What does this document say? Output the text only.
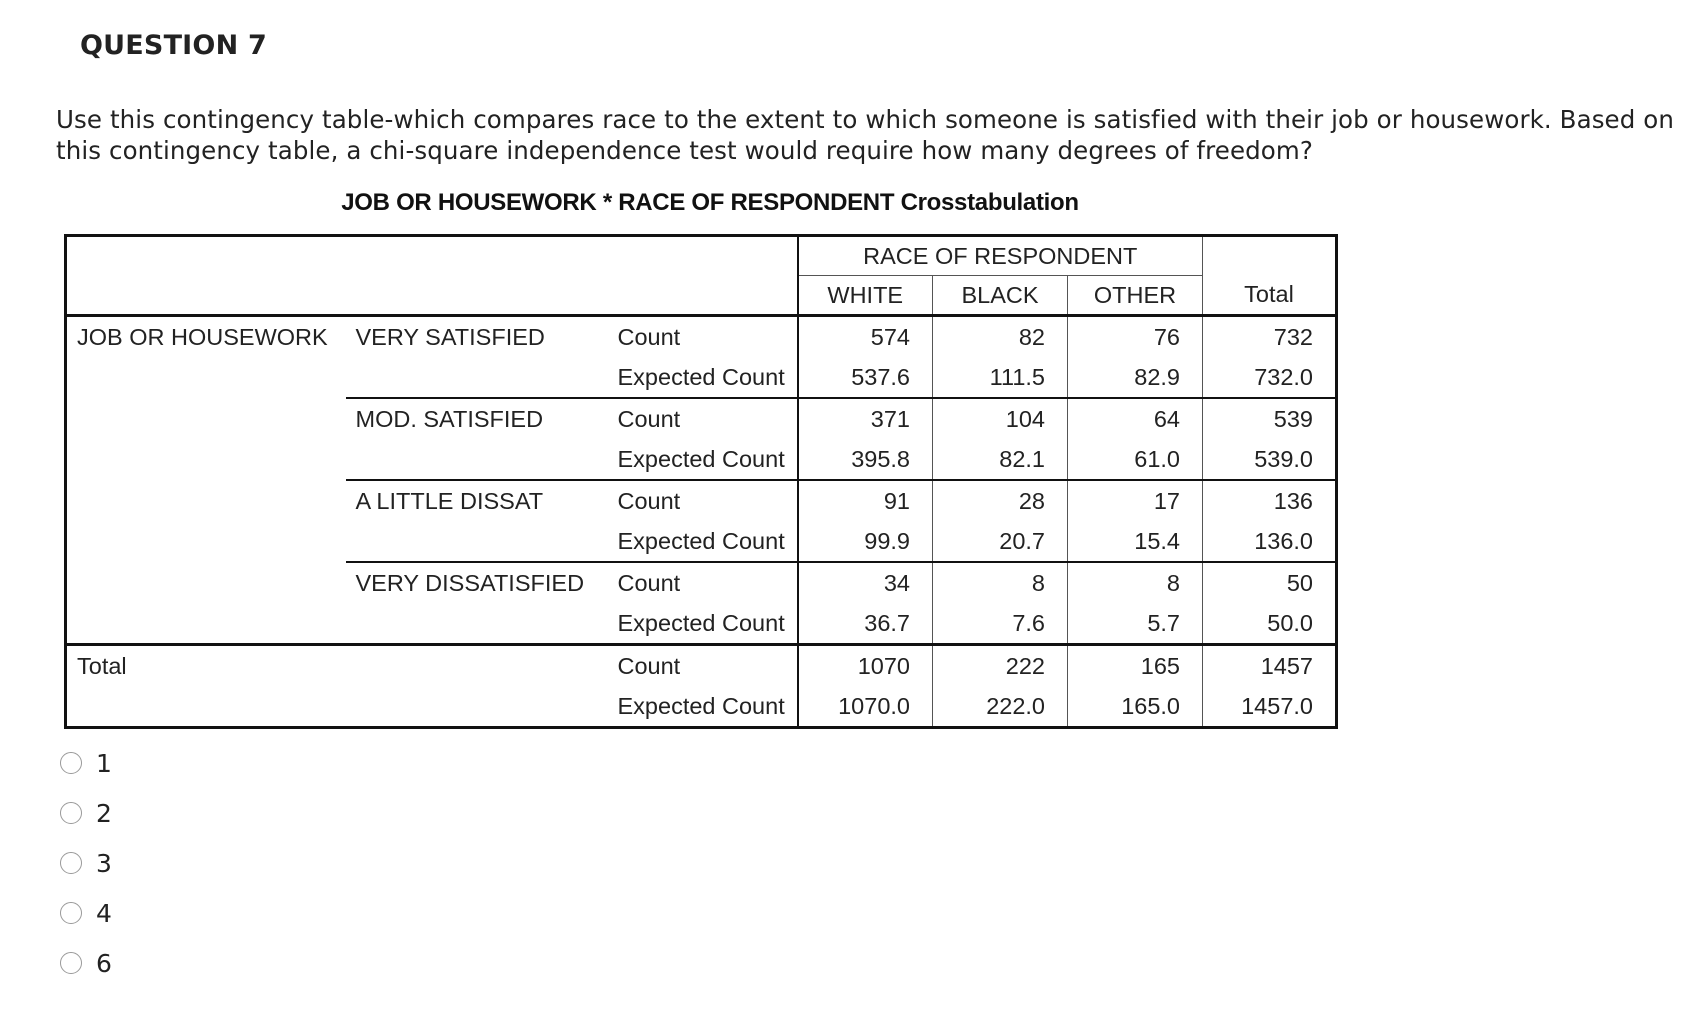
QUESTION 7
Use this contingency table-which compares race to the extent to which someone is satisfied with their job or housework. Based on this contingency table, a chi-square independence test would require how many degrees of freedom?
JOB OR HOUSEWORK * RACE OF RESPONDENT Crosstabulation
			RACE OF RESPONDENT			Total
			WHITE	BLACK	OTHER	
JOB OR HOUSEWORK	VERY SATISFIED	Count	574	82	76	732
		Expected Count	537.6	111.5	82.9	732.0
	MOD. SATISFIED	Count	371	104	64	539
		Expected Count	395.8	82.1	61.0	539.0
	A LITTLE DISSAT	Count	91	28	17	136
		Expected Count	99.9	20.7	15.4	136.0
	VERY DISSATISFIED	Count	34	8	8	50
		Expected Count	36.7	7.6	5.7	50.0
Total		Count	1070	222	165	1457
		Expected Count	1070.0	222.0	165.0	1457.0
1
2
3
4
6
